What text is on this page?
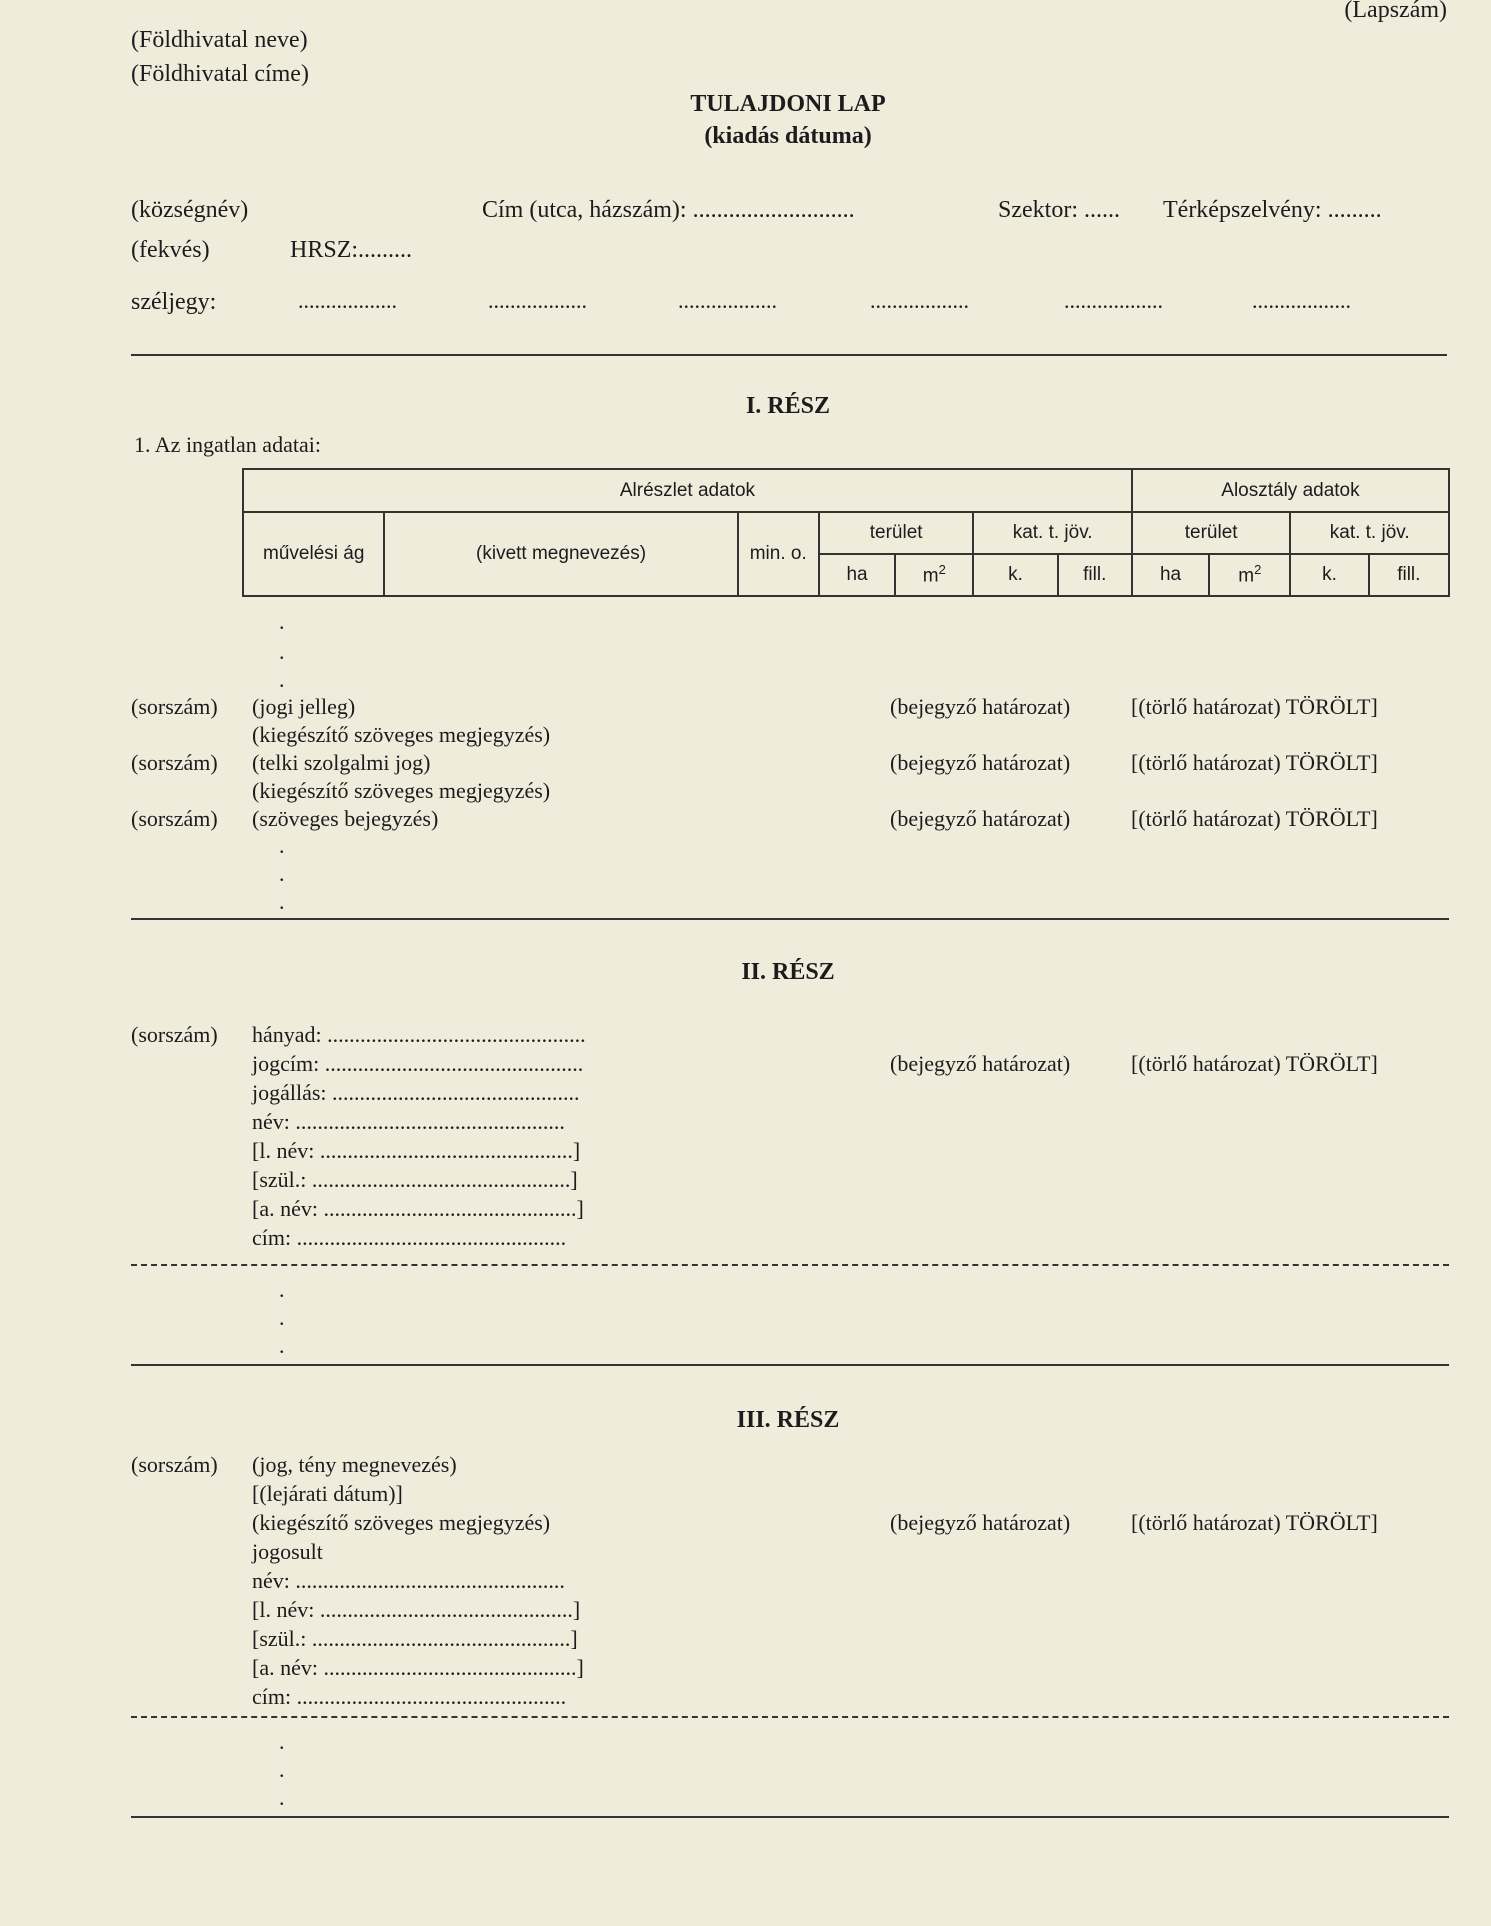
(Lapszám)
(Földhivatal neve)
(Földhivatal címe)
TULAJDONI LAP
(kiadás dátuma)
(községnév)	Cím (utca, házszám): ...........................	Szektor: ...... Térképszelvény: .........
(fekvés)	HRSZ:.........
széljegy:	..................	..................	..................	..................	..................	..................
I. RÉSZ
1. Az ingatlan adatai:
Alrészlet adatok							Alosztály adatok			
művelési ág	(kivett megnevezés)	min. o.	terület		kat. t. jöv.		terület		kat. t. jöv.	
			ha	$m^2$	k.	fill.	ha	$m^2$	k.	fill.
.
.
.
(sorszám) (jogi jelleg)
(kiegészítő szöveges megjegyzés)
(bejegyző határozat)	[(törlő határozat) TÖRÖLT]
(sorszám) (telki szolgalmi jog)
(kiegészítő szöveges megjegyzés)
(bejegyző határozat)	[(törlő határozat) TÖRÖLT]
(sorszám) (szöveges bejegyzés)	(bejegyző határozat)	[(törlő határozat) TÖRÖLT]
.
.
.
II. RÉSZ
(sorszám) hányad: ...............................................
jogcím: ...............................................
jogállás: .............................................
név: .................................................
[l. név: ..............................................]
[szül.: ...............................................]
[a. név: ..............................................]
cím: .................................................
(bejegyző határozat)	[(törlő határozat) TÖRÖLT]
.
.
.
III. RÉSZ
(sorszám) (jog, tény megnevezés)
[(lejárati dátum)]
(kiegészítő szöveges megjegyzés)
jogosult
név: .................................................
[l. név: ..............................................]
[szül.: ...............................................]
[a. név: ..............................................]
cím: .................................................
(bejegyző határozat)	[(törlő határozat) TÖRÖLT]
.
.
.
